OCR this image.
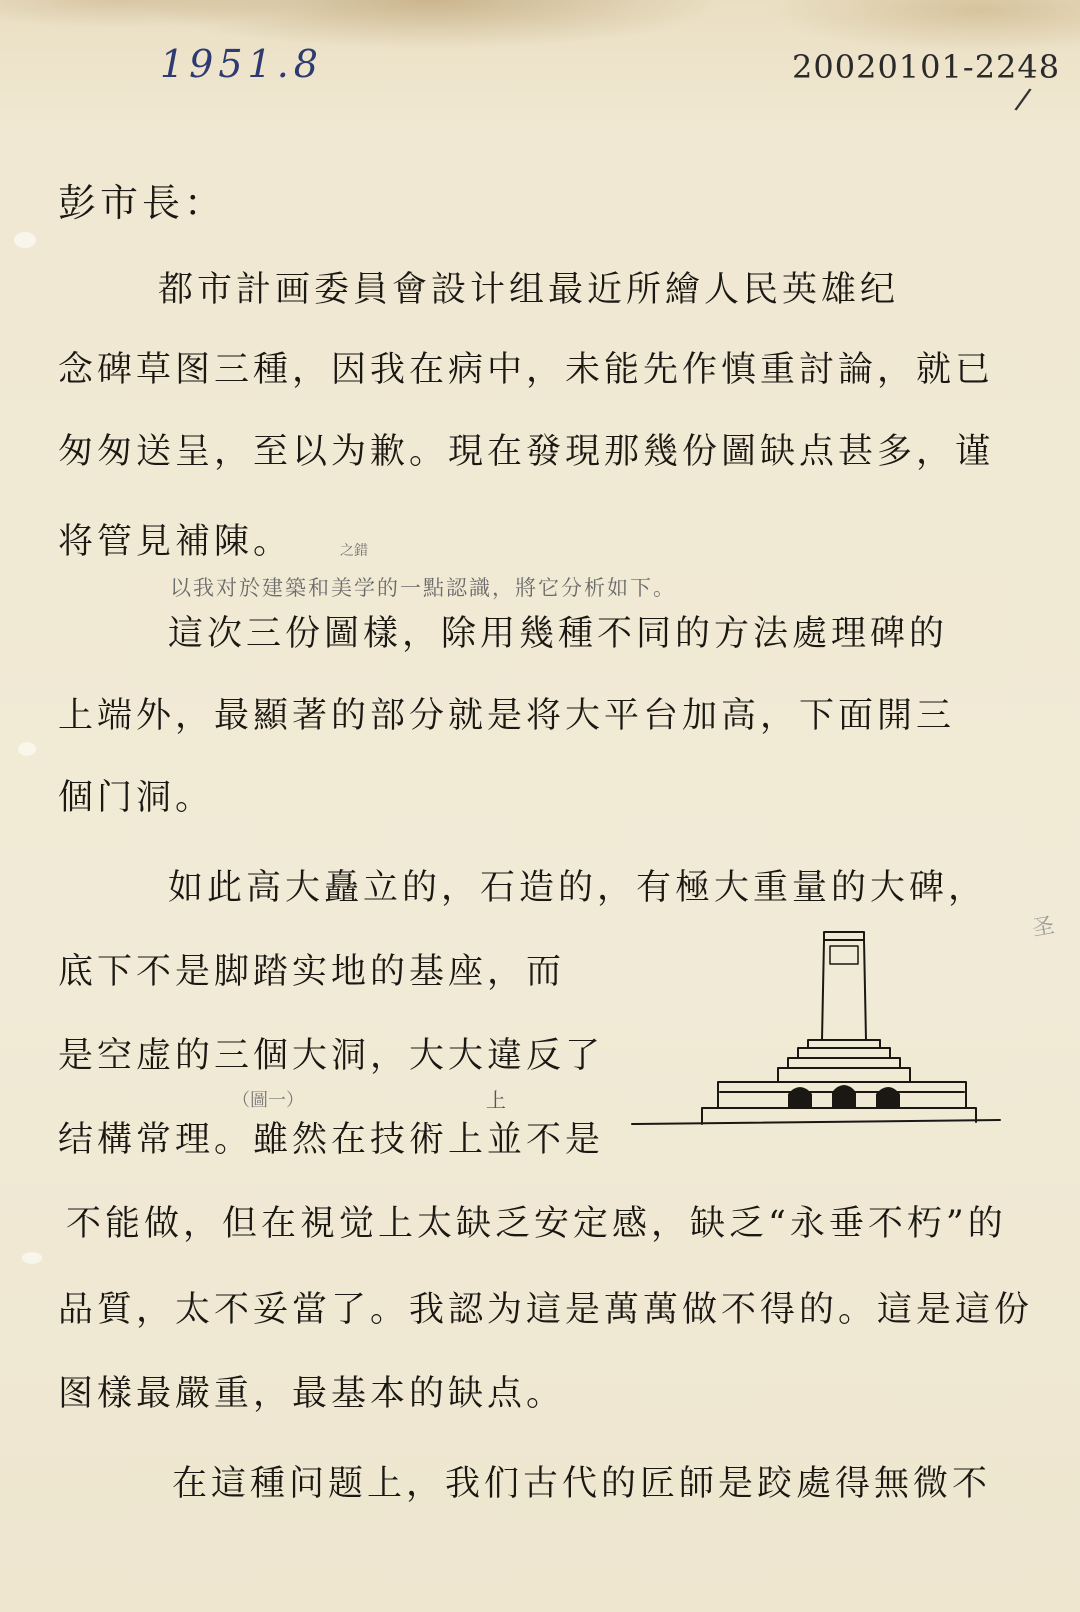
1951.8	20020101-2248
/
彭市長：
都市計画委員會設计组最近所繪人民英雄纪
念碑草图三種，因我在病中，未能先作慎重討論，就已
匆匆送呈，至以为歉。現在發現那幾份圖缺点甚多，谨
将管見補陳。	之錯
以我对於建築和美学的一點認識，將它分析如下。
這次三份圖樣，除用幾種不同的方法處理碑的
上端外，最顯著的部分就是将大平台加高，下面開三
個门洞。
如此高大矗立的，石造的，有極大重量的大碑，
底下不是脚踏实地的基座，而
是空虚的三個大洞，大大違反了
（圖一）	上
结構常理。雖然在技術上並不是
圣
不能做，但在視觉上太缺乏安定感，缺乏“永垂不朽”的
品質，太不妥當了。我認为這是萬萬做不得的。這是這份
图樣最嚴重，最基本的缺点。
在這種问题上，我们古代的匠師是跤處得無微不
